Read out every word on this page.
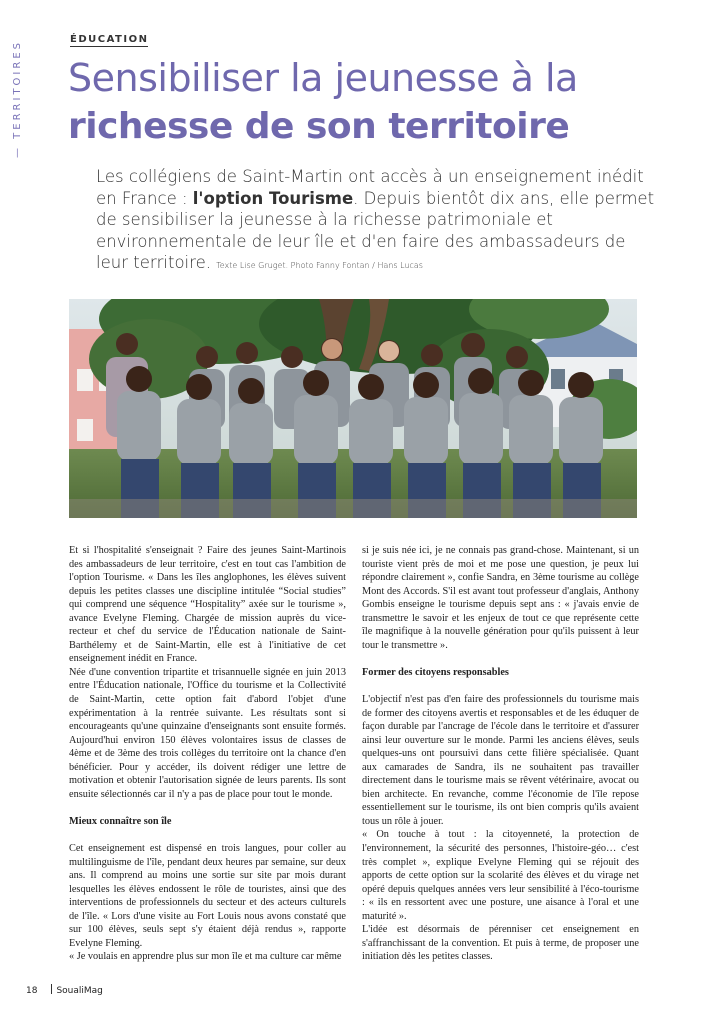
— TERRITOIRES
ÉDUCATION
Sensibiliser la jeunesse à la
richesse de son territoire
Les collégiens de Saint-Martin ont accès à un enseignement inédit en France : l'option Tourisme. Depuis bientôt dix ans, elle permet de sensibiliser la jeunesse à la richesse patrimoniale et environnementale de leur île et d'en faire des ambassadeurs de leur territoire. Texte Lise Gruget. Photo Fanny Fontan / Hans Lucas

Et si l'hospitalité s'enseignait ? Faire des jeunes Saint-Martinois des ambassadeurs de leur territoire, c'est en tout cas l'ambition de l'option Tourisme. « Dans les îles anglophones, les élèves suivent depuis les petites classes une discipline intitulée “Social studies” qui comprend une séquence “Hospitality” axée sur le tourisme », avance Evelyne Fleming. Chargée de mission auprès du vice-recteur et chef du service de l'Éducation nationale de Saint-Barthélemy et de Saint-Martin, elle est à l'initiative de cet enseignement inédit en France.

Née d'une convention tripartite et trisannuelle signée en juin 2013 entre l'Éducation nationale, l'Office du tourisme et la Collectivité de Saint-Martin, cette option fait d'abord l'objet d'une expérimentation à la rentrée suivante. Les résultats sont si encourageants qu'une quinzaine d'enseignants sont ensuite formés. Aujourd'hui environ 150 élèves volontaires issus de classes de 4ème et de 3ème des trois collèges du territoire ont la chance d'en bénéficier. Pour y accéder, ils doivent rédiger une lettre de motivation et obtenir l'autorisation signée de leurs parents. Ils sont ensuite sélectionnés car il n'y a pas de place pour tout le monde.

Mieux connaître son île

Cet enseignement est dispensé en trois langues, pour coller au multilinguisme de l'île, pendant deux heures par semaine, sur deux ans. Il comprend au moins une sortie sur site par mois durant lesquelles les élèves endossent le rôle de touristes, ainsi que des interventions de professionnels du secteur et des acteurs culturels de l'île. « Lors d'une visite au Fort Louis nous avons constaté que sur 100 élèves, seuls sept s'y étaient déjà rendus », rapporte Evelyne Fleming.

« Je voulais en apprendre plus sur mon île et ma culture car même

si je suis née ici, je ne connais pas grand-chose. Maintenant, si un touriste vient près de moi et me pose une question, je peux lui répondre clairement », confie Sandra, en 3ème tourisme au collège Mont des Accords. S'il est avant tout professeur d'anglais, Anthony Gombis enseigne le tourisme depuis sept ans : « j'avais envie de transmettre le savoir et les enjeux de tout ce que représente cette île magnifique à la nouvelle génération pour qu'ils puissent à leur tour le transmettre ».

Former des citoyens responsables

L'objectif n'est pas d'en faire des professionnels du tourisme mais de former des citoyens avertis et responsables et de les éduquer de façon durable par l'ancrage de l'école dans le territoire et d'assurer ainsi leur ouverture sur le monde. Parmi les anciens élèves, seuls quelques-uns ont poursuivi dans cette filière spécialisée. Quant aux camarades de Sandra, ils ne souhaitent pas travailler directement dans le tourisme mais se rêvent vétérinaire, avocat ou bien architecte. En revanche, comme l'économie de l'île repose essentiellement sur le tourisme, ils ont bien compris qu'ils avaient tous un rôle à jouer.

« On touche à tout : la citoyenneté, la protection de l'environnement, la sécurité des personnes, l'histoire-géo… c'est très complet », explique Evelyne Fleming qui se réjouit des apports de cette option sur la scolarité des élèves et du virage net opéré depuis quelques années vers leur sensibilité à l'éco-tourisme : « ils en ressortent avec une posture, une aisance à l'oral et une maturité ».

L'idée est désormais de pérenniser cet enseignement en s'affranchissant de la convention. Et puis à terme, de proposer une initiation dès les petites classes.

18 SoualiMag
